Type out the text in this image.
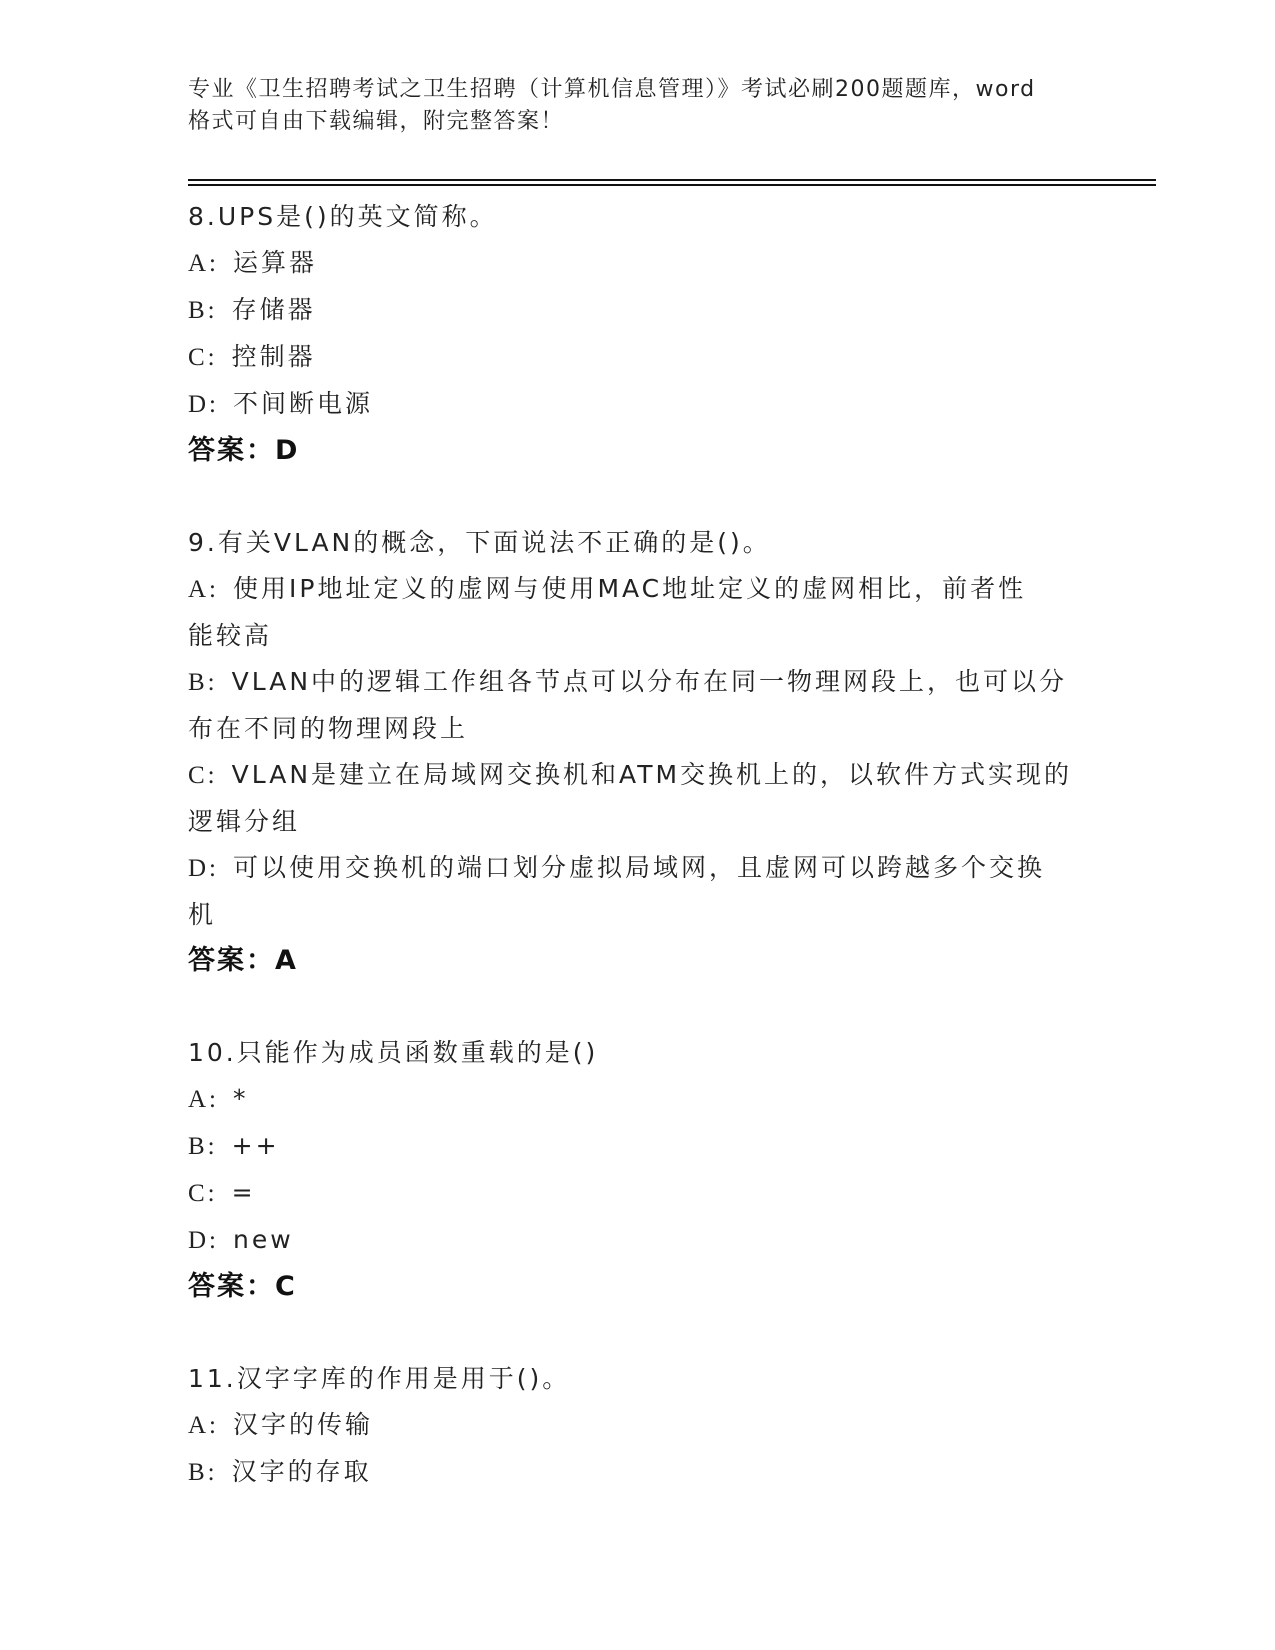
专业《卫生招聘考试之卫生招聘（计算机信息管理）》考试必刷200题题库，word
格式可自由下载编辑，附完整答案！
8.UPS是()的英文简称。
A: 运算器
B: 存储器
C: 控制器
D: 不间断电源
答案：D
9.有关VLAN的概念，下面说法不正确的是()。
A: 使用IP地址定义的虚网与使用MAC地址定义的虚网相比，前者性
能较高
B: VLAN中的逻辑工作组各节点可以分布在同一物理网段上，也可以分
布在不同的物理网段上
C: VLAN是建立在局域网交换机和ATM交换机上的，以软件方式实现的
逻辑分组
D: 可以使用交换机的端口划分虚拟局域网，且虚网可以跨越多个交换
机
答案：A
10.只能作为成员函数重载的是()
A: *
B: ++
C: =
D: new
答案：C
11.汉字字库的作用是用于()。
A: 汉字的传输
B: 汉字的存取
